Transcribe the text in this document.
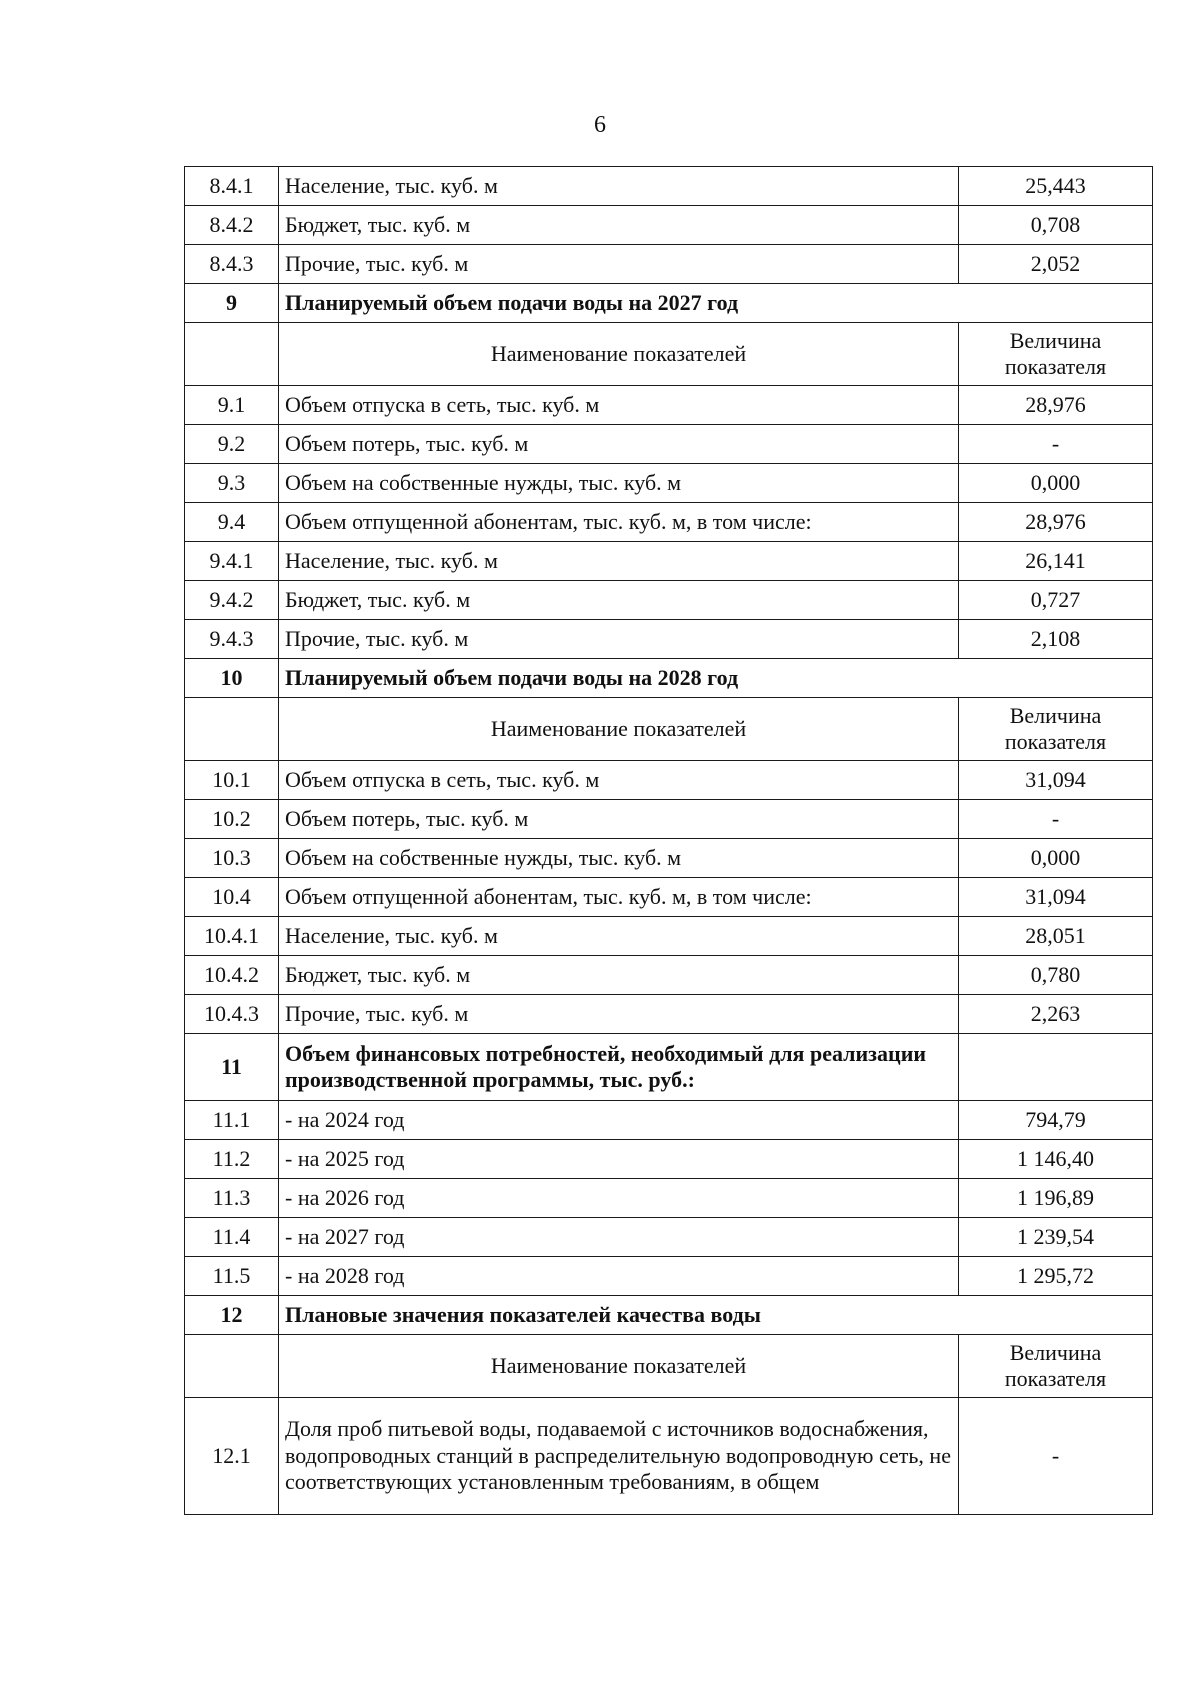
6
8.4.1	Население, тыс. куб. м	25,443
8.4.2	Бюджет, тыс. куб. м	0,708
8.4.3	Прочие, тыс. куб. м	2,052
9	Планируемый объем подачи воды на 2027 год	
	Наименование показателей	Величина показателя
9.1	Объем отпуска в сеть, тыс. куб. м	28,976
9.2	Объем потерь, тыс. куб. м	-
9.3	Объем на собственные нужды, тыс. куб. м	0,000
9.4	Объем отпущенной абонентам, тыс. куб. м, в том числе:	28,976
9.4.1	Население, тыс. куб. м	26,141
9.4.2	Бюджет, тыс. куб. м	0,727
9.4.3	Прочие, тыс. куб. м	2,108
10	Планируемый объем подачи воды на 2028 год	
	Наименование показателей	Величина показателя
10.1	Объем отпуска в сеть, тыс. куб. м	31,094
10.2	Объем потерь, тыс. куб. м	-
10.3	Объем на собственные нужды, тыс. куб. м	0,000
10.4	Объем отпущенной абонентам, тыс. куб. м, в том числе:	31,094
10.4.1	Население, тыс. куб. м	28,051
10.4.2	Бюджет, тыс. куб. м	0,780
10.4.3	Прочие, тыс. куб. м	2,263
11	Объем финансовых потребностей, необходимый для реализации производственной программы, тыс. руб.:	
11.1	- на 2024 год	794,79
11.2	- на 2025 год	1 146,40
11.3	- на 2026 год	1 196,89
11.4	- на 2027 год	1 239,54
11.5	- на 2028 год	1 295,72
12	Плановые значения показателей качества воды	
	Наименование показателей	Величина показателя
12.1	Доля проб питьевой воды, подаваемой с источников водоснабжения, водопроводных станций в распределительную водопроводную сеть, не соответствующих установленным требованиям, в общем	-
